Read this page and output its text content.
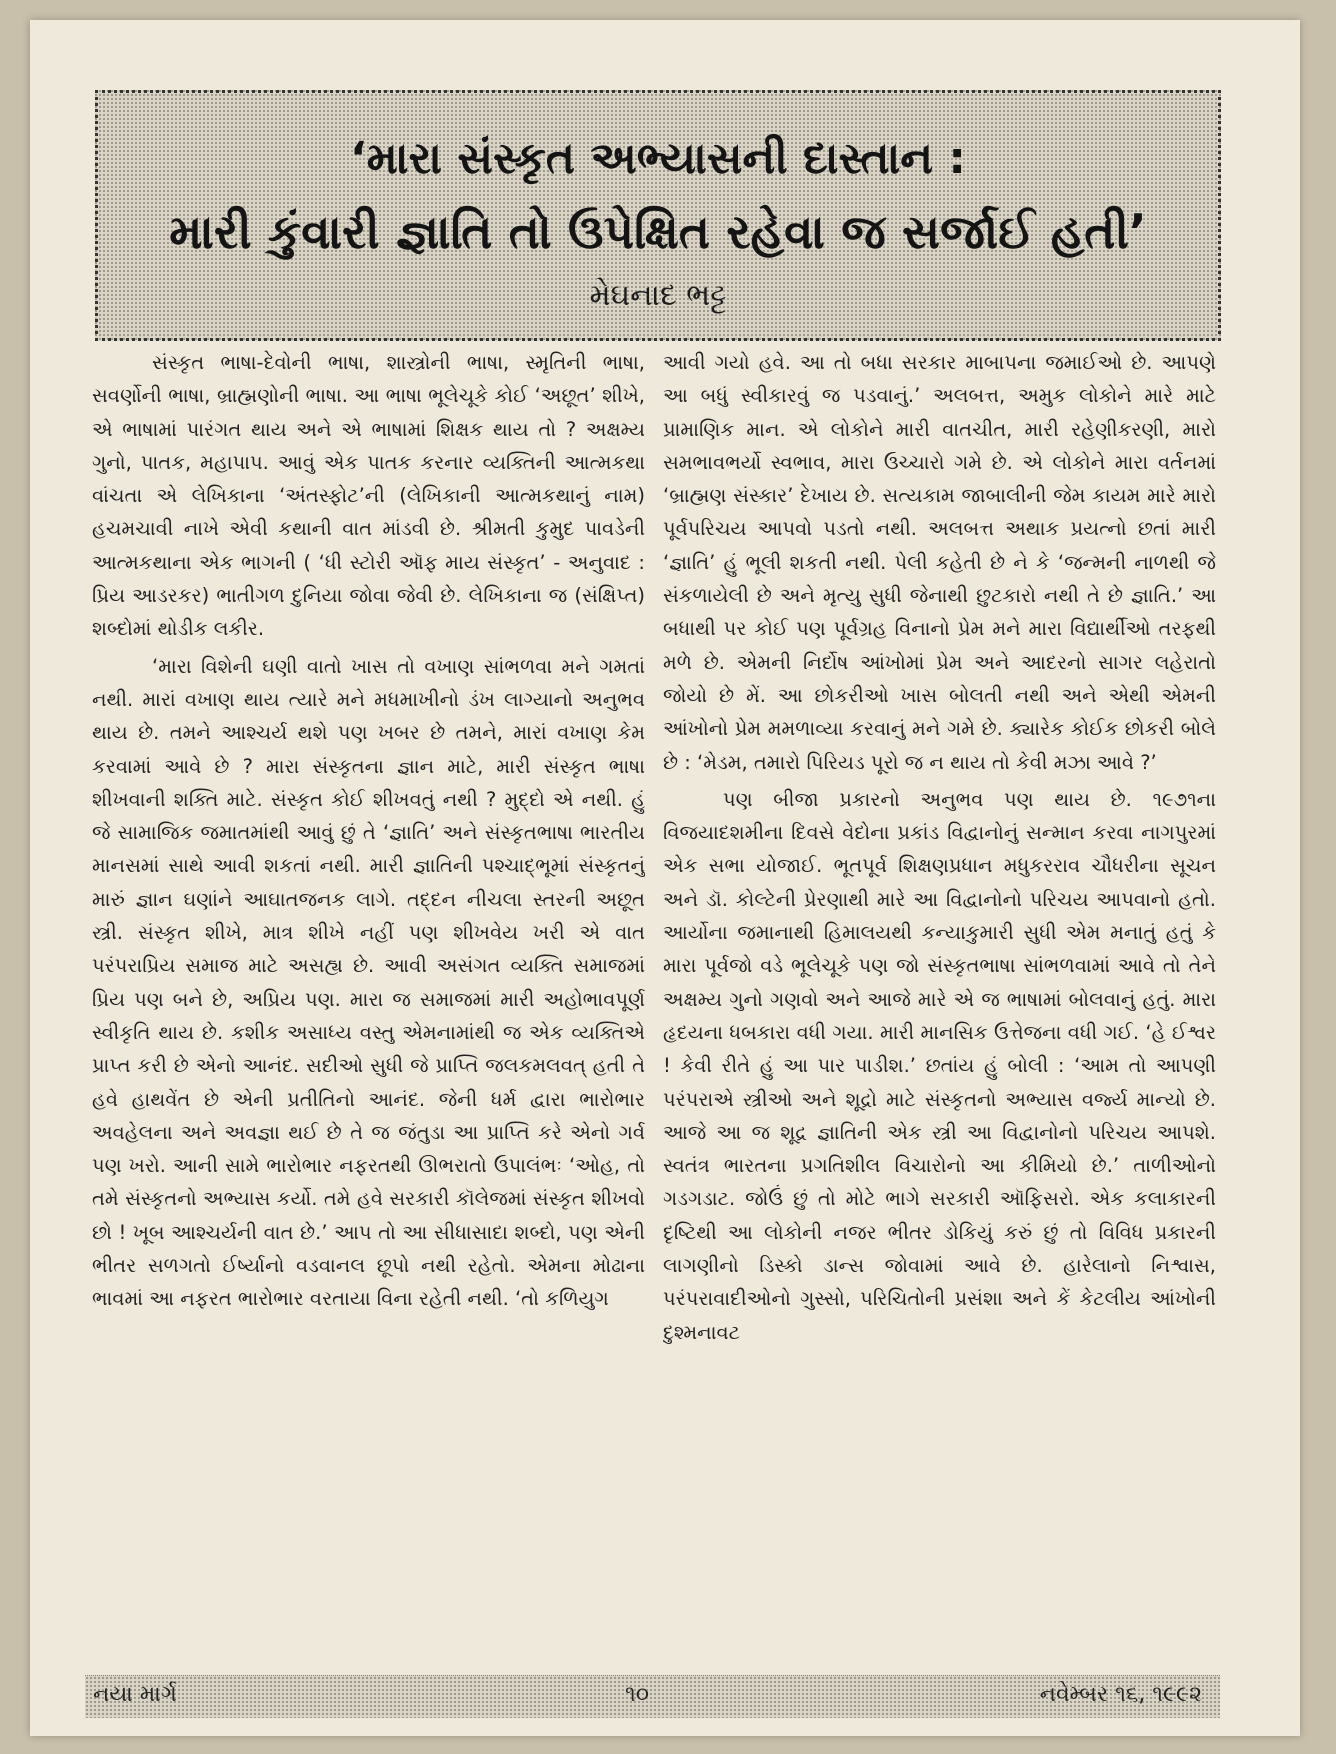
‘મારા સંસ્કૃત અભ્યાસની દાસ્તાન :
મારી કુંવારી જ્ઞાતિ તો ઉપેક્ષિત રહેવા જ સર્જાઈ હતી’
મેઘનાદ ભટ્ટ

સંસ્કૃત ભાષા-દેવોની ભાષા, શાસ્ત્રોની ભાષા, સ્મૃતિની ભાષા, સવર્ણોની ભાષા, બ્રાહ્મણોની ભાષા. આ ભાષા ભૂલેચૂકે કોઈ ‘અછૂત’ શીખે, એ ભાષામાં પારંગત થાય અને એ ભાષામાં શિક્ષક થાય તો ? અક્ષમ્ય ગુનો, પાતક, મહાપાપ. આવું એક પાતક કરનાર વ્યક્તિની આત્મકથા વાંચતા એ લેખિકાના ‘અંતસ્ફોટ’ની (લેખિકાની આત્મકથાનું નામ) હચમચાવી નાખે એવી કથાની વાત માંડવી છે. શ્રીમતી કુમુદ પાવડેની આત્મકથાના એક ભાગની ( ‘ધી સ્ટોરી ઑફ માય સંસ્કૃત’ - અનુવાદ : પ્રિય આડરકર) ભાતીગળ દુનિયા જોવા જેવી છે. લેખિકાના જ (સંક્ષિપ્ત) શબ્દોમાં થોડીક લકીર.

‘મારા વિશેની ઘણી વાતો ખાસ તો વખાણ સાંભળવા મને ગમતાં નથી. મારાં વખાણ થાય ત્યારે મને મધમાખીનો ડંખ લાગ્યાનો અનુભવ થાય છે. તમને આશ્ચર્ય થશે પણ ખબર છે તમને, મારાં વખાણ કેમ કરવામાં આવે છે ? મારા સંસ્કૃતના જ્ઞાન માટે, મારી સંસ્કૃત ભાષા શીખવાની શક્તિ માટે. સંસ્કૃત કોઈ શીખવતું નથી ? મુદ્દો એ નથી. હું જે સામાજિક જમાતમાંથી આવું છું તે ‘જ્ઞાતિ’ અને સંસ્કૃતભાષા ભારતીય માનસમાં સાથે આવી શકતાં નથી. મારી જ્ઞાતિની પશ્ચાદ્ભૂમાં સંસ્કૃતનું મારું જ્ઞાન ઘણાંને આઘાતજનક લાગે. તદ્દન નીચલા સ્તરની અછૂત સ્ત્રી. સંસ્કૃત શીખે, માત્ર શીખે નહીં પણ શીખવેય ખરી એ વાત પરંપરાપ્રિય સમાજ માટે અસહ્ય છે. આવી અસંગત વ્યક્તિ સમાજમાં પ્રિય પણ બને છે, અપ્રિય પણ. મારા જ સમાજમાં મારી અહોભાવપૂર્ણ સ્વીકૃતિ થાય છે. કશીક અસાધ્ય વસ્તુ એમનામાંથી જ એક વ્યક્તિએ પ્રાપ્ત કરી છે એનો આનંદ. સદીઓ સુધી જે પ્રાપ્તિ જલકમલવત્ હતી તે હવે હાથવેંત છે એની પ્રતીતિનો આનંદ. જેની ધર્મ દ્વારા ભારોભાર અવહેલના અને અવજ્ઞા થઈ છે તે જ જંતુડા આ પ્રાપ્તિ કરે એનો ગર્વ પણ ખરો. આની સામે ભારોભાર નફરતથી ઊભરાતો ઉપાલંભઃ ‘ઓહ, તો તમે સંસ્કૃતનો અભ્યાસ કર્યો. તમે હવે સરકારી કૉલેજમાં સંસ્કૃત શીખવો છો ! ખૂબ આશ્ચર્યની વાત છે.’ આપ તો આ સીધાસાદા શબ્દો, પણ એની ભીતર સળગતો ઈર્ષ્યાનો વડવાનલ છૂપો નથી રહેતો. એમના મોઢાના ભાવમાં આ નફરત ભારોભાર વરતાયા વિના રહેતી નથી. ‘તો કળિયુગ

આવી ગયો હવે. આ તો બધા સરકાર માબાપના જમાઈઓ છે. આપણે આ બધું સ્વીકારવું જ પડવાનું.’ અલબત્ત, અમુક લોકોને મારે માટે પ્રામાણિક માન. એ લોકોને મારી વાતચીત, મારી રહેણીકરણી, મારો સમભાવભર્યો સ્વભાવ, મારા ઉચ્ચારો ગમે છે. એ લોકોને મારા વર્તનમાં ‘બ્રાહ્મણ સંસ્કાર’ દેખાય છે. સત્યકામ જાબાલીની જેમ કાયમ મારે મારો પૂર્વપરિચય આપવો પડતો નથી. અલબત્ત અથાક પ્રયત્નો છતાં મારી ‘જ્ઞાતિ’ હું ભૂલી શકતી નથી. પેલી કહેતી છે ને કે ‘જન્મની નાળથી જે સંકળાયેલી છે અને મૃત્યુ સુધી જેનાથી છુટકારો નથી તે છે જ્ઞાતિ.’ આ બધાથી પર કોઈ પણ પૂર્વગ્રહ વિનાનો પ્રેમ મને મારા વિદ્યાર્થીઓ તરફથી મળે છે. એમની નિર્દોષ આંખોમાં પ્રેમ અને આદરનો સાગર લહેરાતો જોયો છે મેં. આ છોકરીઓ ખાસ બોલતી નથી અને એથી એમની આંખોનો પ્રેમ મમળાવ્યા કરવાનું મને ગમે છે. ક્યારેક કોઈક છોકરી બોલે છે : ‘મેડમ, તમારો પિરિયડ પૂરો જ ન થાય તો કેવી મઝા આવે ?’

પણ બીજા પ્રકારનો અનુભવ પણ થાય છે. ૧૯૭૧ના વિજયાદશમીના દિવસે વેદોના પ્રકાંડ વિદ્વાનોનું સન્માન કરવા નાગપુરમાં એક સભા યોજાઈ. ભૂતપૂર્વ શિક્ષણપ્રધાન મધુકરરાવ ચૌધરીના સૂચન અને ડૉ. કોલ્ટેની પ્રેરણાથી મારે આ વિદ્વાનોનો પરિચય આપવાનો હતો. આર્યોના જમાનાથી હિમાલયથી કન્યાકુમારી સુધી એમ મનાતું હતું કે મારા પૂર્વજો વડે ભૂલેચૂકે પણ જો સંસ્કૃતભાષા સાંભળવામાં આવે તો તેને અક્ષમ્ય ગુનો ગણવો અને આજે મારે એ જ ભાષામાં બોલવાનું હતું. મારા હૃદયના ધબકારા વધી ગયા. મારી માનસિક ઉત્તેજના વધી ગઈ. ‘હે ઈશ્વર ! કેવી રીતે હું આ પાર પાડીશ.’ છતાંય હું બોલી : ‘આમ તો આપણી પરંપરાએ સ્ત્રીઓ અને શૂદ્રો માટે સંસ્કૃતનો અભ્યાસ વર્જ્ય માન્યો છે. આજે આ જ શૂદ્ર જ્ઞાતિની એક સ્ત્રી આ વિદ્વાનોનો પરિચય આપશે. સ્વતંત્ર ભારતના પ્રગતિશીલ વિચારોનો આ કીમિયો છે.’ તાળીઓનો ગડગડાટ. જોઉં છું તો મોટે ભાગે સરકારી ઑફિસરો. એક કલાકારની દૃષ્ટિથી આ લોકોની નજર ભીતર ડોકિયું કરું છું તો વિવિધ પ્રકારની લાગણીનો ડિસ્કો ડાન્સ જોવામાં આવે છે. હારેલાનો નિશ્વાસ, પરંપરાવાદીઓનો ગુસ્સો, પરિચિતોની પ્રસંશા અને કેં કેટલીય આંખોની દુશ્મનાવટ

નયા માર્ગ	૧૦	નવેમ્બર ૧૬, ૧૯૯૨
